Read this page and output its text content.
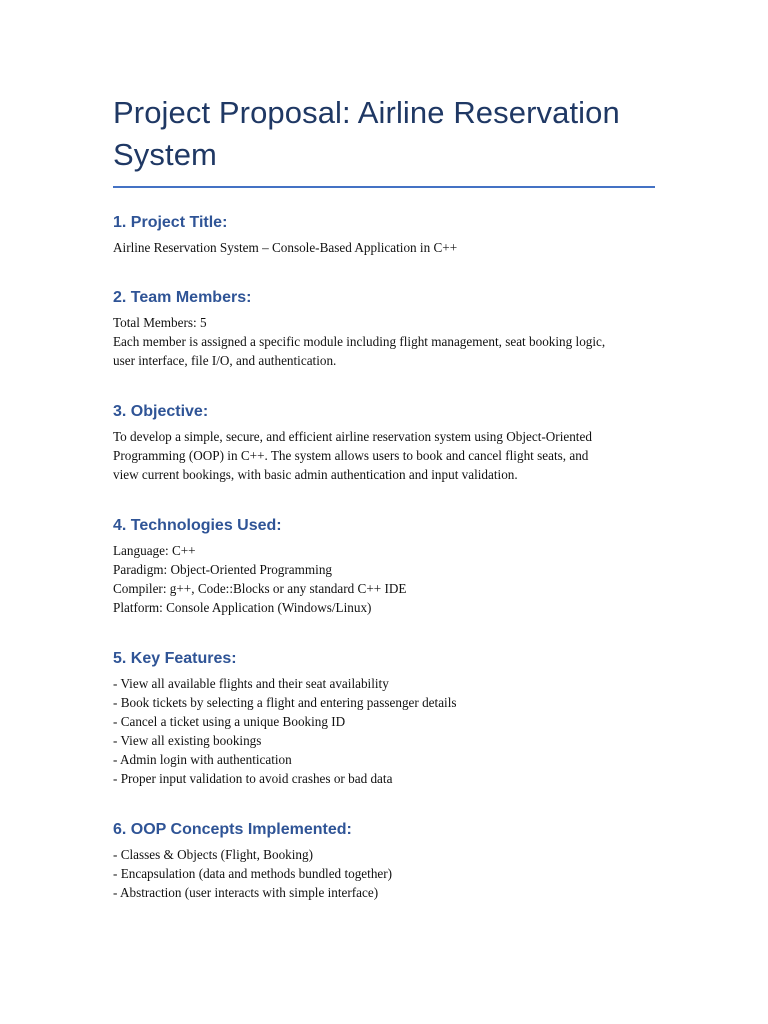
Project Proposal: Airline Reservation System
1. Project Title:

Airline Reservation System – Console-Based Application in C++

2. Team Members:

Total Members: 5
Each member is assigned a specific module including flight management, seat booking logic,
user interface, file I/O, and authentication.

3. Objective:

To develop a simple, secure, and efficient airline reservation system using Object-Oriented
Programming (OOP) in C++. The system allows users to book and cancel flight seats, and
view current bookings, with basic admin authentication and input validation.

4. Technologies Used:

Language: C++
Paradigm: Object-Oriented Programming
Compiler: g++, Code::Blocks or any standard C++ IDE
Platform: Console Application (Windows/Linux)

5. Key Features:

- View all available flights and their seat availability
- Book tickets by selecting a flight and entering passenger details
- Cancel a ticket using a unique Booking ID
- View all existing bookings
- Admin login with authentication
- Proper input validation to avoid crashes or bad data

6. OOP Concepts Implemented:

- Classes & Objects (Flight, Booking)
- Encapsulation (data and methods bundled together)
- Abstraction (user interacts with simple interface)
